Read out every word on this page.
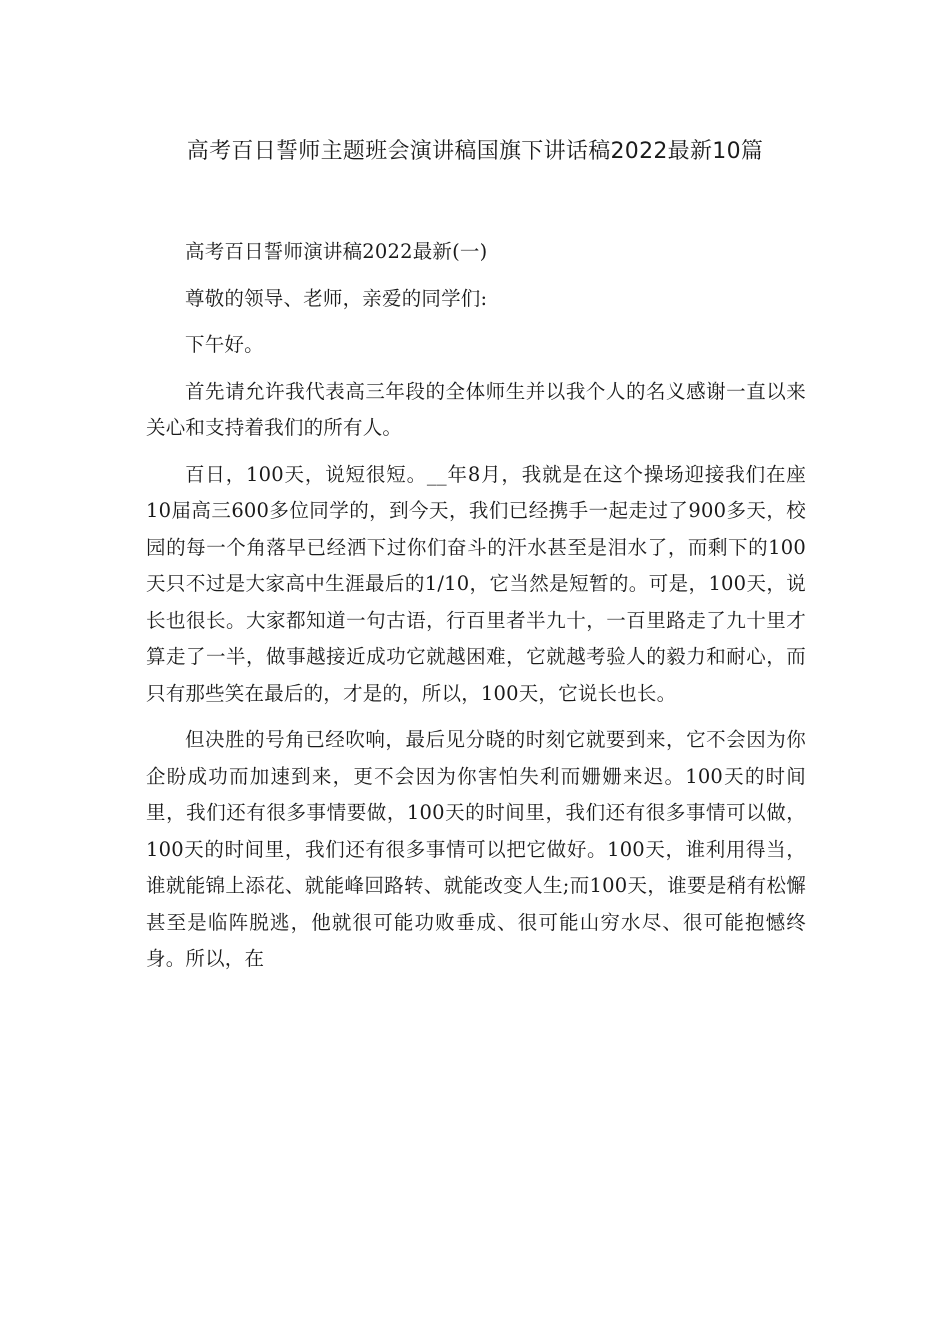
高考百日誓师主题班会演讲稿国旗下讲话稿2022最新10篇

高考百日誓师演讲稿2022最新(一)

尊敬的领导、老师，亲爱的同学们:

下午好。

首先请允许我代表高三年段的全体师生并以我个人的名义感谢一直以来关心和支持着我们的所有人。

百日，100天，说短很短。__年8月，我就是在这个操场迎接我们在座10届高三600多位同学的，到今天，我们已经携手一起走过了900多天，校园的每一个角落早已经洒下过你们奋斗的汗水甚至是泪水了，而剩下的100天只不过是大家高中生涯最后的1/10，它当然是短暂的。可是，100天，说长也很长。大家都知道一句古语，行百里者半九十，一百里路走了九十里才算走了一半，做事越接近成功它就越困难，它就越考验人的毅力和耐心，而只有那些笑在最后的，才是的，所以，100天，它说长也长。

但决胜的号角已经吹响，最后见分晓的时刻它就要到来，它不会因为你企盼成功而加速到来，更不会因为你害怕失利而姗姗来迟。100天的时间里，我们还有很多事情要做，100天的时间里，我们还有很多事情可以做，100天的时间里，我们还有很多事情可以把它做好。100天，谁利用得当，谁就能锦上添花、就能峰回路转、就能改变人生;而100天，谁要是稍有松懈甚至是临阵脱逃，他就很可能功败垂成、很可能山穷水尽、很可能抱憾终身。所以，在
